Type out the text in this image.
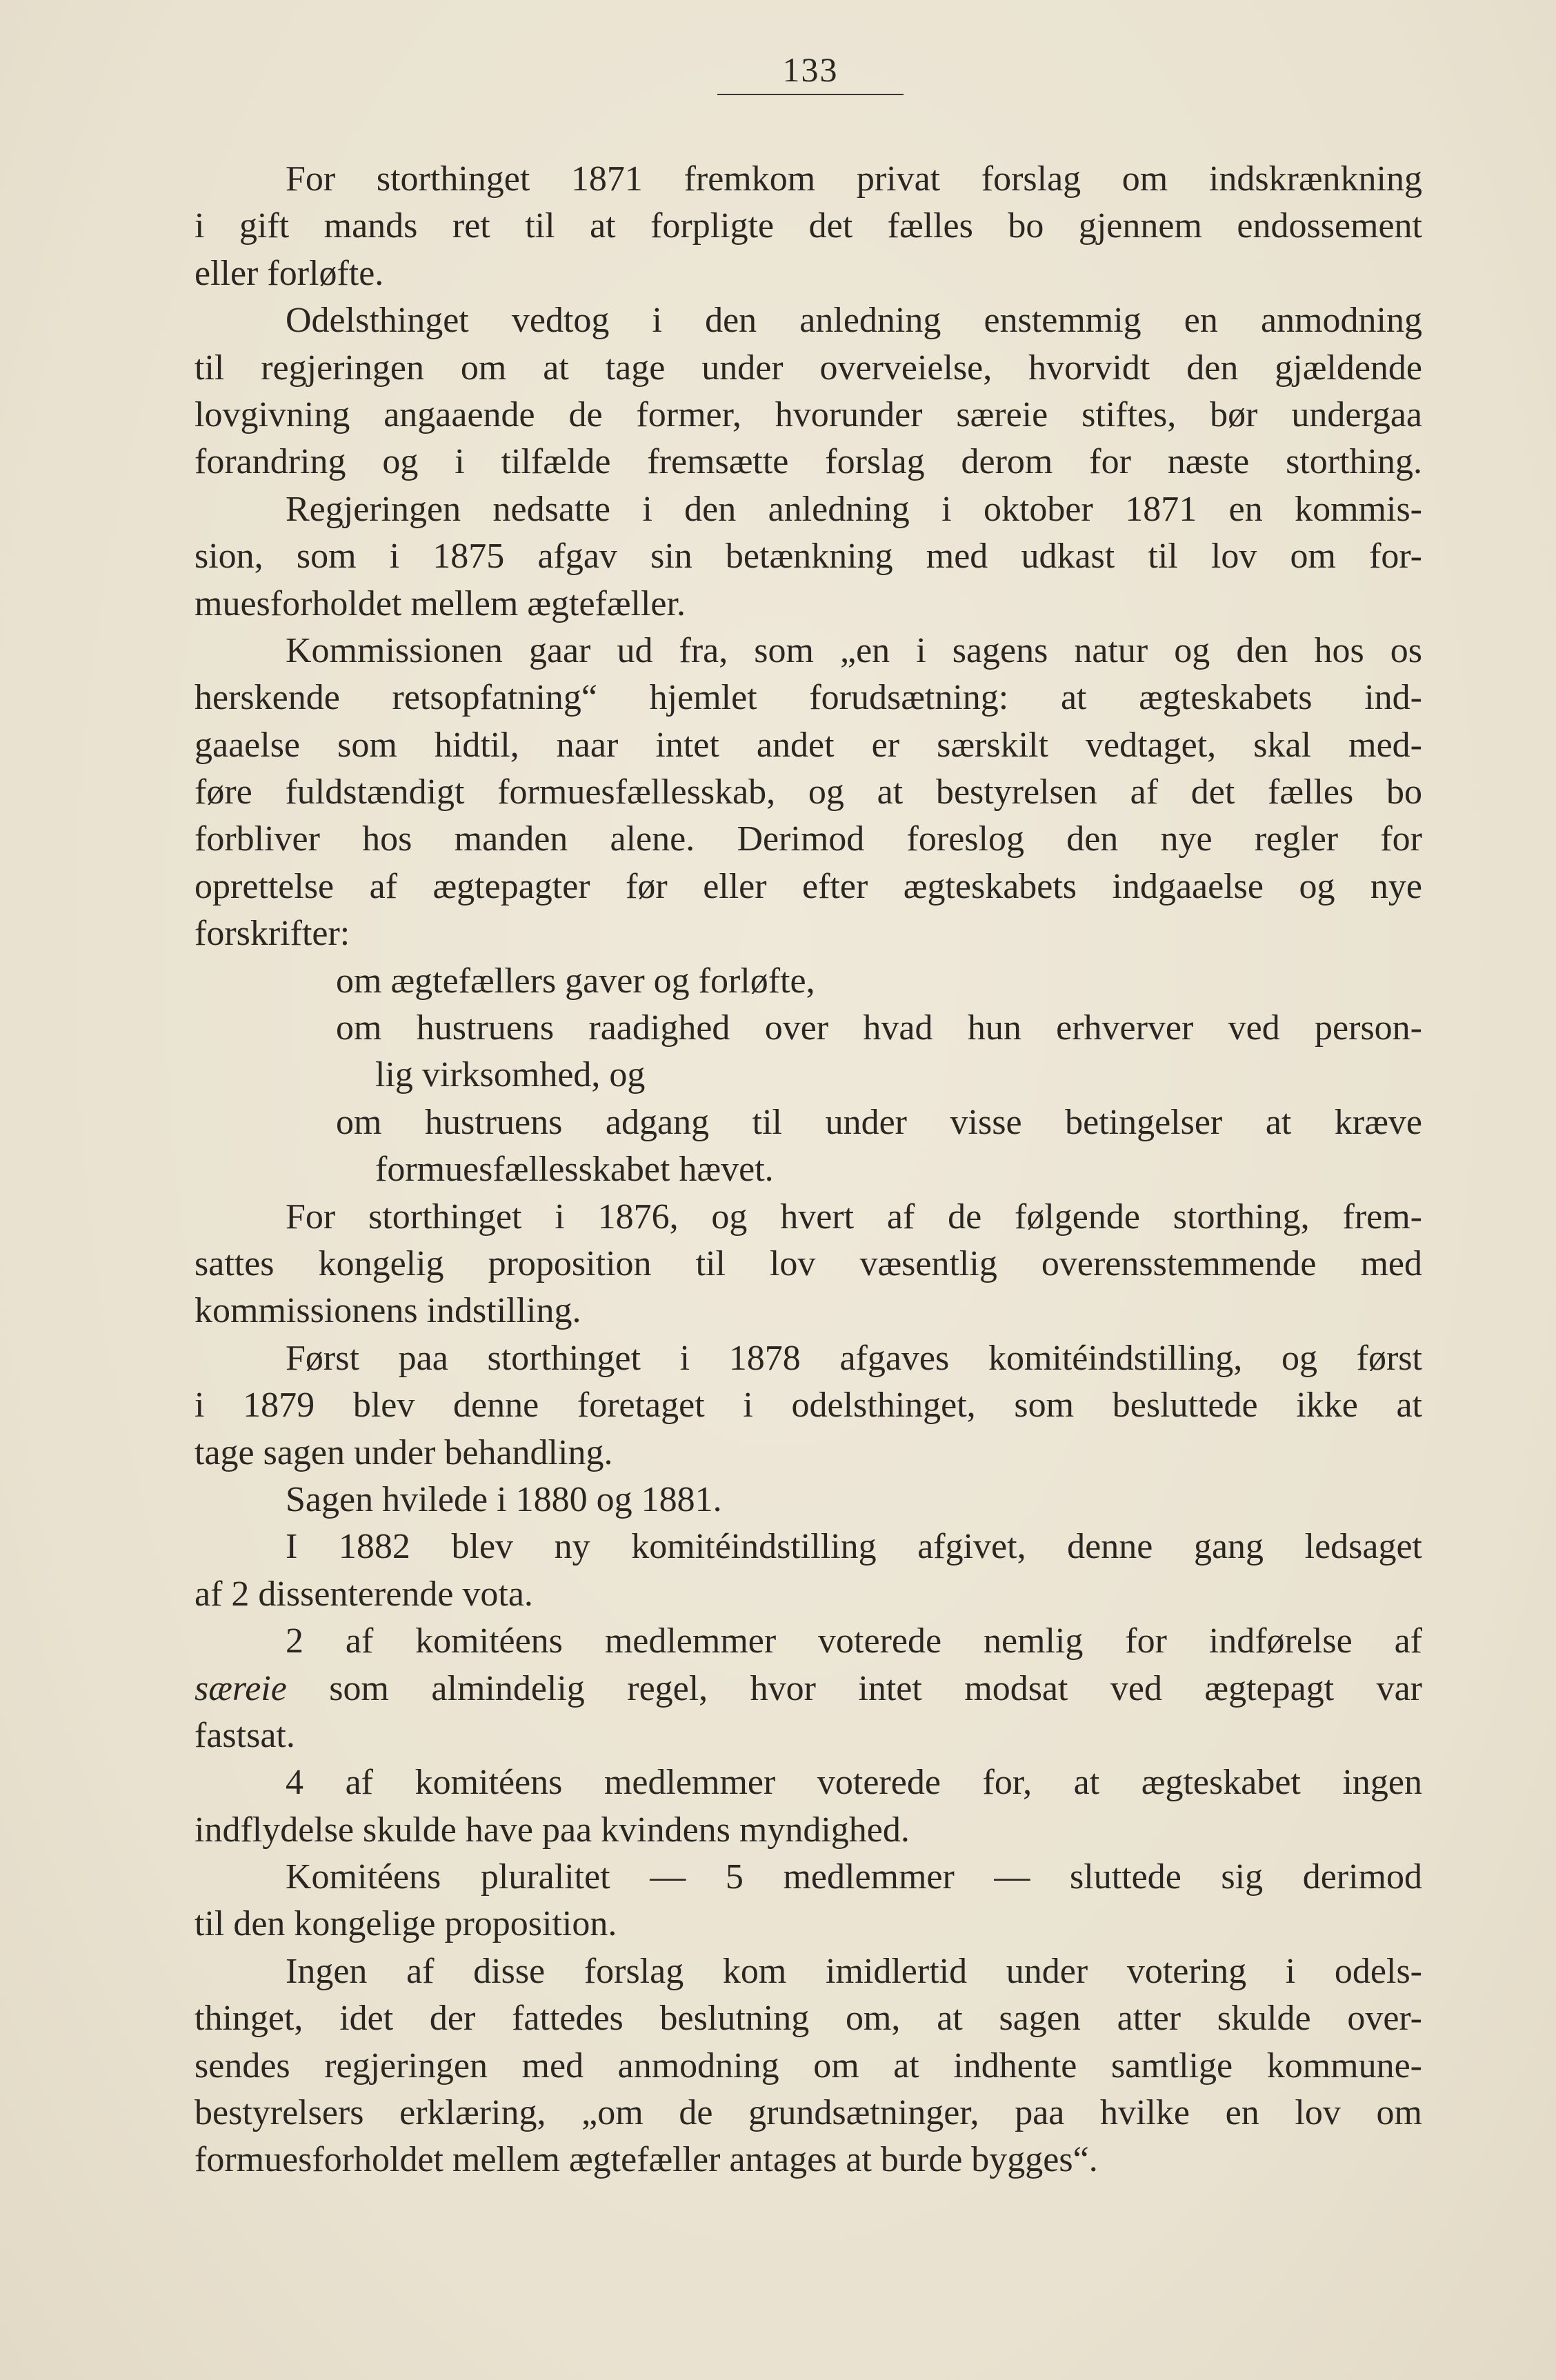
133
For storthinget 1871 fremkom privat forslag om indskrænkning
i gift mands ret til at forpligte det fælles bo gjennem endossement
eller forløfte.
Odelsthinget vedtog i den anledning enstemmig en anmodning
til regjeringen om at tage under overveielse, hvorvidt den gjældende
lovgivning angaaende de former, hvorunder særeie stiftes, bør undergaa
forandring og i tilfælde fremsætte forslag derom for næste storthing.
Regjeringen nedsatte i den anledning i oktober 1871 en kommis-
sion, som i 1875 afgav sin betænkning med udkast til lov om for-
muesforholdet mellem ægtefæller.
Kommissionen gaar ud fra, som „en i sagens natur og den hos os
herskende retsopfatning“ hjemlet forudsætning: at ægteskabets ind-
gaaelse som hidtil, naar intet andet er særskilt vedtaget, skal med-
føre fuldstændigt formuesfællesskab, og at bestyrelsen af det fælles bo
forbliver hos manden alene. Derimod foreslog den nye regler for
oprettelse af ægtepagter før eller efter ægteskabets indgaaelse og nye
forskrifter:
om ægtefællers gaver og forløfte,
om hustruens raadighed over hvad hun erhverver ved person-
lig virksomhed, og
om hustruens adgang til under visse betingelser at kræve
formuesfællesskabet hævet.
For storthinget i 1876, og hvert af de følgende storthing, frem-
sattes kongelig proposition til lov væsentlig overensstemmende med
kommissionens indstilling.
Først paa storthinget i 1878 afgaves komitéindstilling, og først
i 1879 blev denne foretaget i odelsthinget, som besluttede ikke at
tage sagen under behandling.
Sagen hvilede i 1880 og 1881.
I 1882 blev ny komitéindstilling afgivet, denne gang ledsaget
af 2 dissenterende vota.
2 af komitéens medlemmer voterede nemlig for indførelse af
særeie som almindelig regel, hvor intet modsat ved ægtepagt var
fastsat.
4 af komitéens medlemmer voterede for, at ægteskabet ingen
indflydelse skulde have paa kvindens myndighed.
Komitéens pluralitet — 5 medlemmer — sluttede sig derimod
til den kongelige proposition.
Ingen af disse forslag kom imidlertid under votering i odels-
thinget, idet der fattedes beslutning om, at sagen atter skulde over-
sendes regjeringen med anmodning om at indhente samtlige kommune-
bestyrelsers erklæring, „om de grundsætninger, paa hvilke en lov om
formuesforholdet mellem ægtefæller antages at burde bygges“.
